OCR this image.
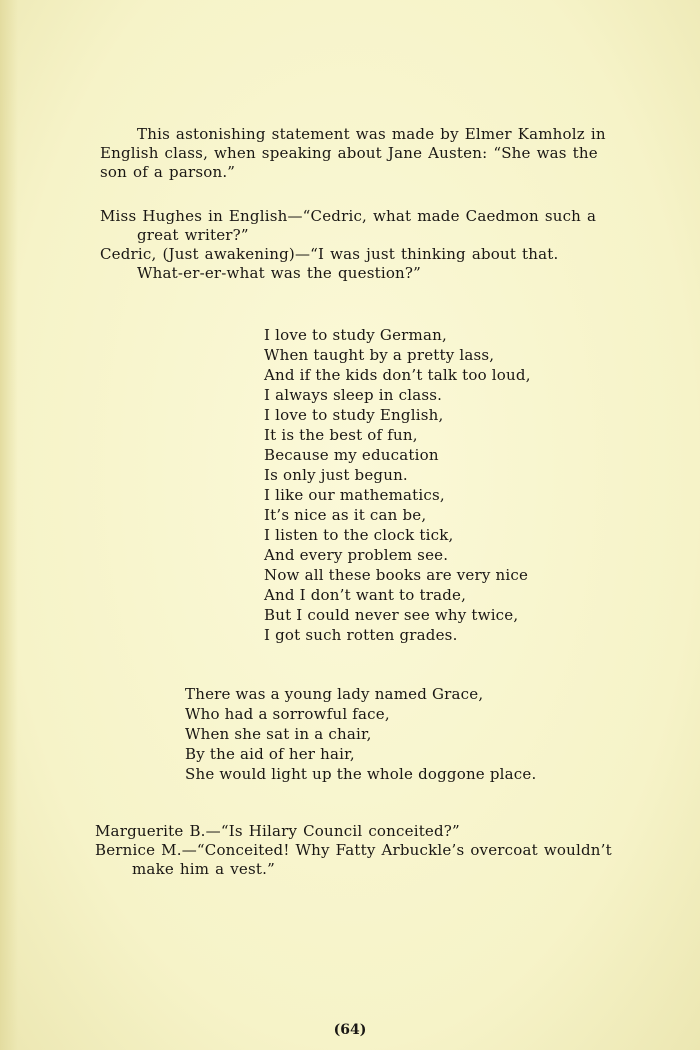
This astonishing statement was made by Elmer Kamholz in
English class, when speaking about Jane Austen: “She was the
son of a parson.”
Miss Hughes in English—“Cedric, what made Caedmon such a
great writer?”
Cedric, (Just awakening)—“I was just thinking about that.
What-er-er-what was the question?”
I love to study German,
When taught by a pretty lass,
And if the kids don’t talk too loud,
I always sleep in class.
I love to study English,
It is the best of fun,
Because my education
Is only just begun.
I like our mathematics,
It’s nice as it can be,
I listen to the clock tick,
And every problem see.
Now all these books are very nice
And I don’t want to trade,
But I could never see why twice,
I got such rotten grades.
There was a young lady named Grace,
Who had a sorrowful face,
When she sat in a chair,
By the aid of her hair,
She would light up the whole doggone place.
Marguerite B.—“Is Hilary Council conceited?”
Bernice M.—“Conceited! Why Fatty Arbuckle’s overcoat wouldn’t
make him a vest.”
(64)
